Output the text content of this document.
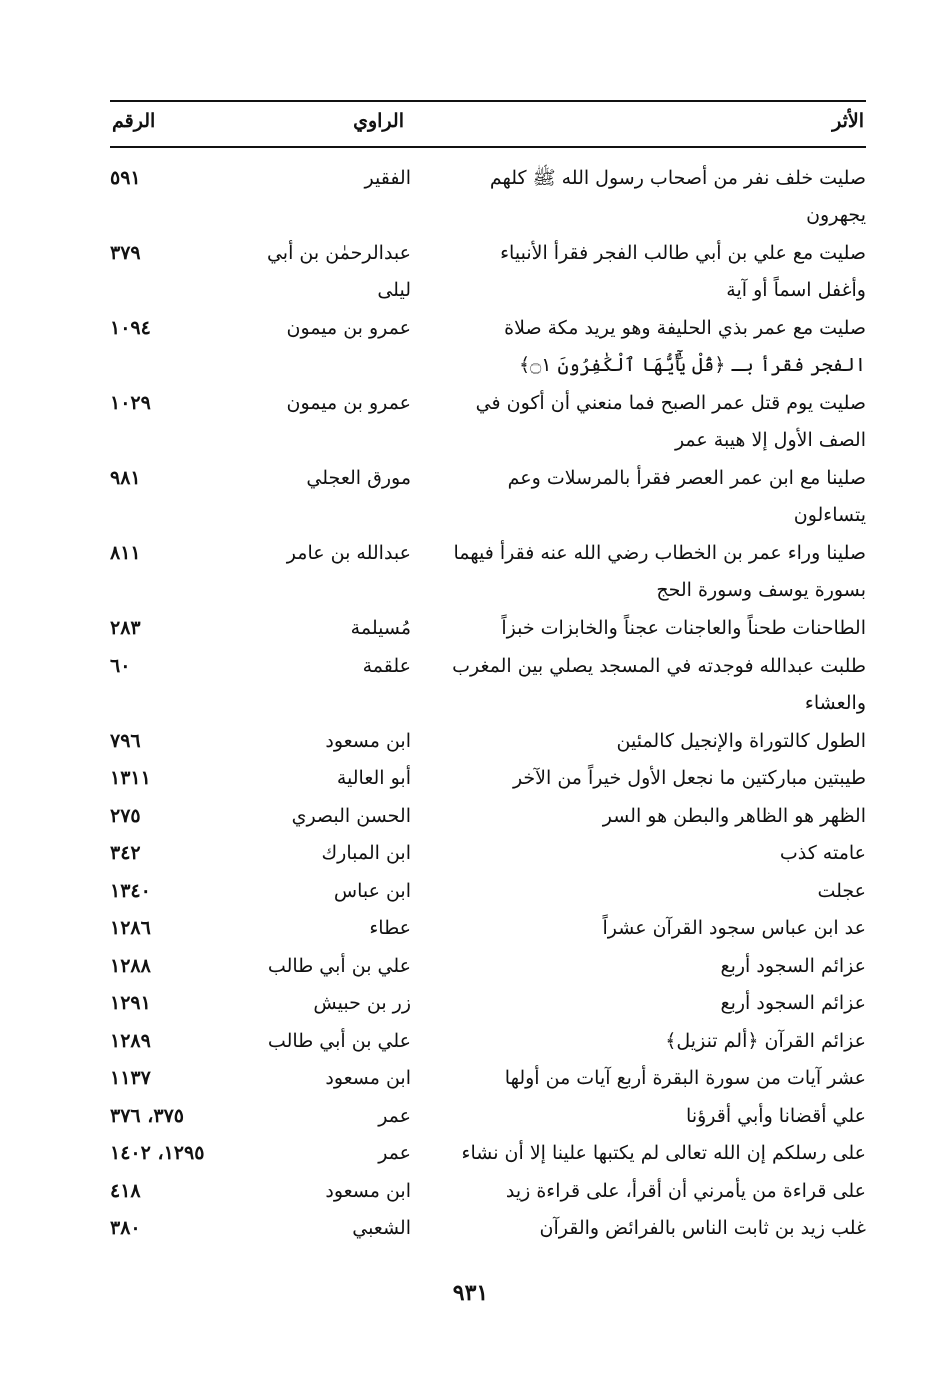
الأثر
الراوي
الرقم
صليت خلف نفر من أصحاب رسول الله ﷺ كلهم
يجهرون
الفقير
٥٩١
صليت مع علي بن أبي طالب الفجر فقرأ الأنبياء
وأغفل اسماً أو آية
عبدالرحمٰن بن أبي
ليلى
٣٧٩
صليت مع عمر بذي الحليفة وهو يريد مكة صلاة
الفجر فقرأ بـ ﴿قُلْ يَٰٓأَيُّهَا ٱلْكَٰفِرُونَ ۝١﴾
عمرو بن ميمون
١٠٩٤
صليت يوم قتل عمر الصبح فما منعني أن أكون في
الصف الأول إلا هيبة عمر
عمرو بن ميمون
١٠٢٩
صلينا مع ابن عمر العصر فقرأ بالمرسلات وعم
يتساءلون
مورق العجلي
٩٨١
صلينا وراء عمر بن الخطاب رضي الله عنه فقرأ فيهما
بسورة يوسف وسورة الحج
عبدالله بن عامر
٨١١
الطاحنات طحناً والعاجنات عجناً والخابزات خبزاً
مُسيلمة
٢٨٣
طلبت عبدالله فوجدته في المسجد يصلي بين المغرب
والعشاء
علقمة
٦٠
الطول كالتوراة والإنجيل كالمئين
ابن مسعود
٧٩٦
طيبتين مباركتين ما نجعل الأول خيراً من الآخر
أبو العالية
١٣١١
الظهر هو الظاهر والبطن هو السر
الحسن البصري
٢٧٥
عامته كذب
ابن المبارك
٣٤٢
عجلت
ابن عباس
١٣٤٠
عد ابن عباس سجود القرآن عشراً
عطاء
١٢٨٦
عزائم السجود أربع
علي بن أبي طالب
١٢٨٨
عزائم السجود أربع
زر بن حبيش
١٢٩١
عزائم القرآن ﴿ألم تنزيل﴾
علي بن أبي طالب
١٢٨٩
عشر آيات من سورة البقرة أربع آيات من أولها
ابن مسعود
١١٣٧
علي أقضانا وأبي أقرؤنا
عمر
٣٧٥، ٣٧٦
على رسلكم إن الله تعالى لم يكتبها علينا إلا أن نشاء
عمر
١٢٩٥، ١٤٠٢
على قراءة من يأمرني أن أقرأ، على قراءة زيد
ابن مسعود
٤١٨
غلب زيد بن ثابت الناس بالفرائض والقرآن
الشعبي
٣٨٠
٩٣١
